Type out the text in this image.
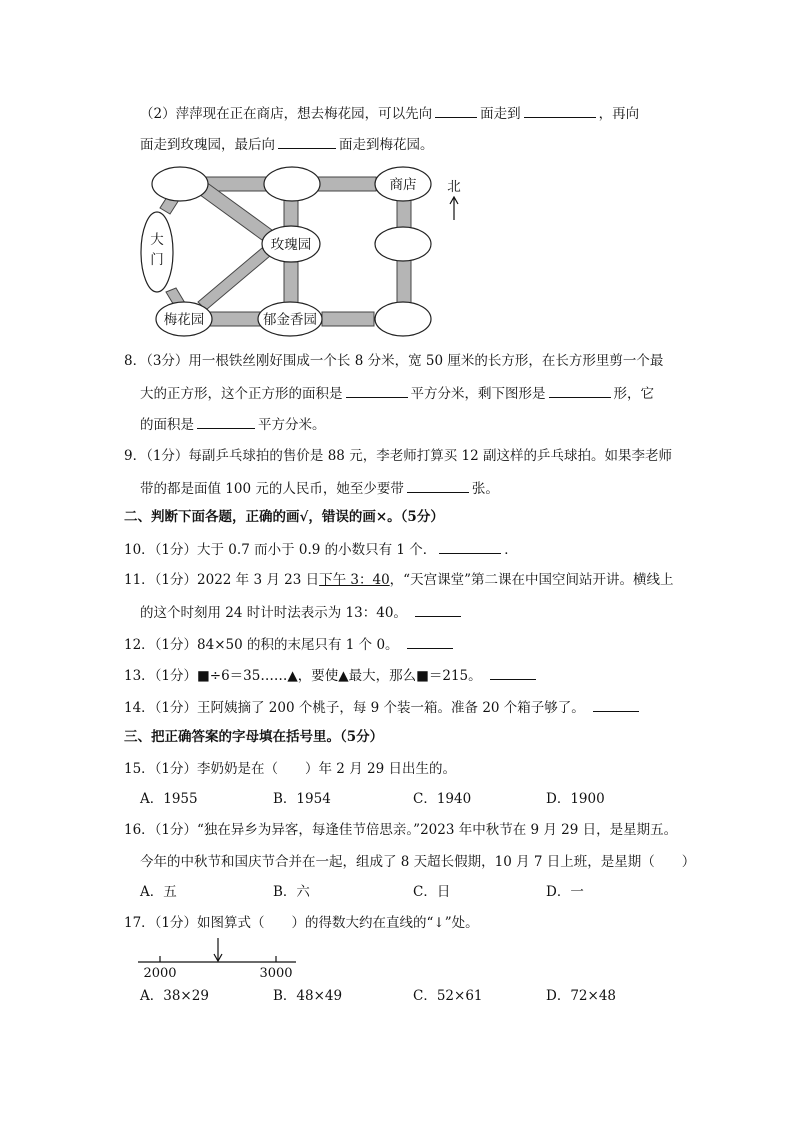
（2）萍萍现在正在商店，想去梅花园，可以先向	面走到	，再向
面走到玫瑰园，最后向	面走到梅花园。
商店
玫瑰园
梅花园	郁金香园
大门
北
8．（3分）用一根铁丝刚好围成一个长 8 分米，宽 50 厘米的长方形，在长方形里剪一个最
大的正方形，这个正方形的面积是	平方分米，剩下图形是	形，它
的面积是	平方分米。
9．（1分）每副乒乓球拍的售价是 88 元，李老师打算买 12 副这样的乒乓球拍。如果李老师
带的都是面值 100 元的人民币，她至少要带	张。
二、判断下面各题，正确的画√，错误的画×。（5分）
10．（1分）大于 0.7 而小于 0.9 的小数只有 1 个．	．
11．（1分）2022 年 3 月 23 日下午 3：40，“天宫课堂”第二课在中国空间站开讲。横线上
的这个时刻用 24 时计时法表示为 13：40。
12．（1分）84×50 的积的末尾只有 1 个 0。
13．（1分）■÷6＝35……▲，要使▲最大，那么■＝215。
14．（1分）王阿姨摘了 200 个桃子，每 9 个装一箱。准备 20 个箱子够了。
三、把正确答案的字母填在括号里。（5分）
15．（1分）李奶奶是在（　　）年 2 月 29 日出生的。
A．1955	B．1954	C．1940	D．1900
16．（1分）“独在异乡为异客，每逢佳节倍思亲。”2023 年中秋节在 9 月 29 日，是星期五。
今年的中秋节和国庆节合并在一起，组成了 8 天超长假期，10 月 7 日上班，是星期（　　）
A．五	B．六	C．日	D．一
17．（1分）如图算式（　　）的得数大约在直线的“↓”处。
2000	3000
A．38×29	B．48×49	C．52×61	D．72×48
